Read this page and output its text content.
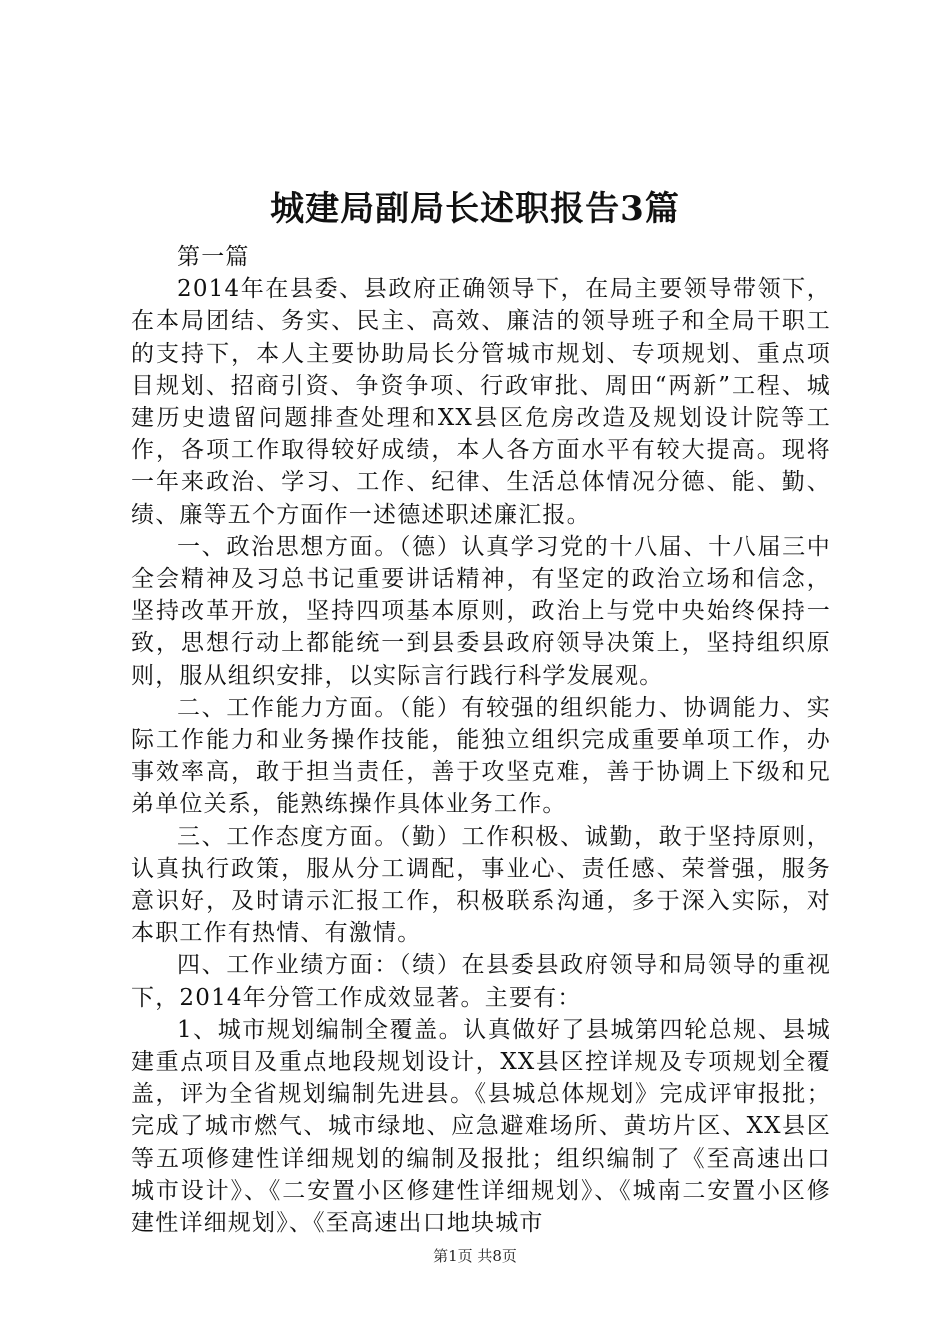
城建局副局长述职报告3篇

第一篇

2014年在县委、县政府正确领导下，在局主要领导带领下，在本局团结、务实、民主、高效、廉洁的领导班子和全局干职工的支持下，本人主要协助局长分管城市规划、专项规划、重点项目规划、招商引资、争资争项、行政审批、周田“两新”工程、城建历史遗留问题排查处理和XX县区危房改造及规划设计院等工作，各项工作取得较好成绩，本人各方面水平有较大提高。现将一年来政治、学习、工作、纪律、生活总体情况分德、能、勤、绩、廉等五个方面作一述德述职述廉汇报。

一、政治思想方面。（德）认真学习党的十八届、十八届三中全会精神及习总书记重要讲话精神，有坚定的政治立场和信念，坚持改革开放，坚持四项基本原则，政治上与党中央始终保持一致，思想行动上都能统一到县委县政府领导决策上，坚持组织原则，服从组织安排，以实际言行践行科学发展观。

二、工作能力方面。（能）有较强的组织能力、协调能力、实际工作能力和业务操作技能，能独立组织完成重要单项工作，办事效率高，敢于担当责任，善于攻坚克难，善于协调上下级和兄弟单位关系，能熟练操作具体业务工作。

三、工作态度方面。（勤）工作积极、诚勤，敢于坚持原则，认真执行政策，服从分工调配，事业心、责任感、荣誉强，服务意识好，及时请示汇报工作，积极联系沟通，多于深入实际，对本职工作有热情、有激情。

四、工作业绩方面：（绩）在县委县政府领导和局领导的重视下，2014年分管工作成效显著。主要有：

1、城市规划编制全覆盖。认真做好了县城第四轮总规、县城建重点项目及重点地段规划设计，XX县区控详规及专项规划全覆盖，评为全省规划编制先进县。《县城总体规划》完成评审报批；完成了城市燃气、城市绿地、应急避难场所、黄坊片区、XX县区等五项修建性详细规划的编制及报批；组织编制了《至高速出口城市设计》、《二安置小区修建性详细规划》、《城南二安置小区修建性详细规划》、《至高速出口地块城市

第1页 共8页
